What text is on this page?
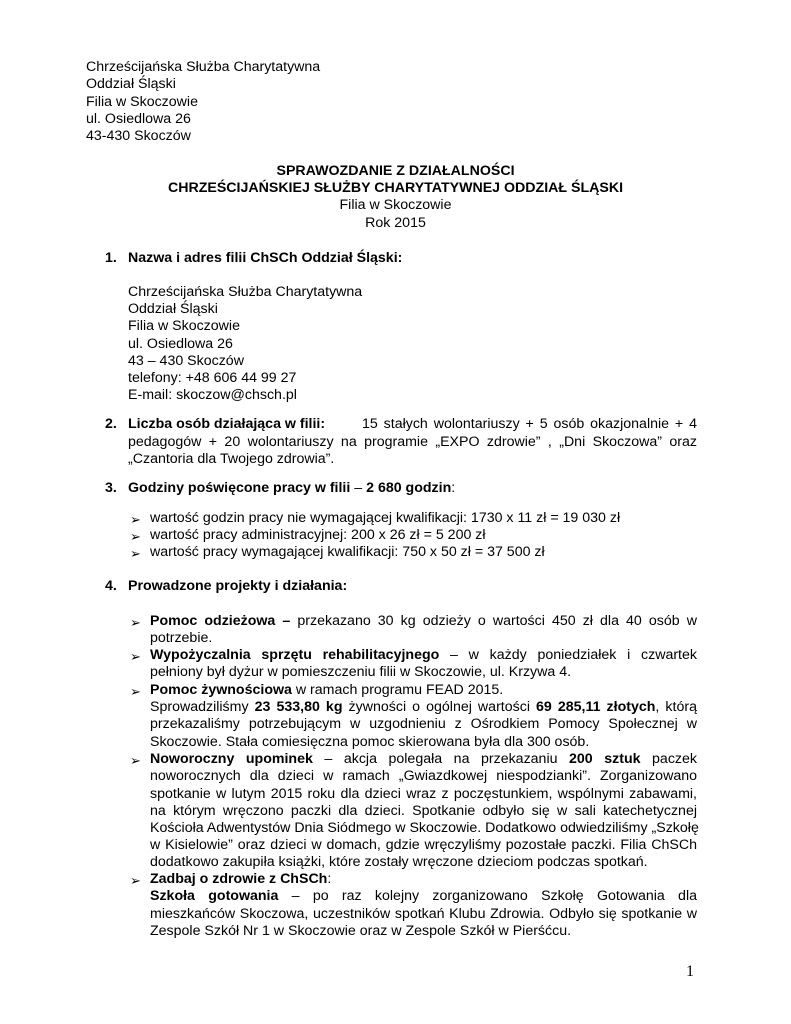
Chrześcijańska Służba Charytatywna
Oddział Śląski
Filia w Skoczowie
ul. Osiedlowa 26
43-430 Skoczów
SPRAWOZDANIE Z DZIAŁALNOŚCI
CHRZEŚCIJAŃSKIEJ SŁUŻBY CHARYTATYWNEJ ODDZIAŁ ŚLĄSKI
Filia w Skoczowie
Rok 2015
1. Nazwa i adres filii ChSCh Oddział Śląski:
Chrześcijańska Służba Charytatywna
Oddział Śląski
Filia w Skoczowie
ul. Osiedlowa 26
43 – 430 Skoczów
telefony: +48 606 44 99 27
E-mail: skoczow@chsch.pl
2. Liczba osób działająca w filii:	15 stałych wolontariuszy + 5 osób okazjonalnie + 4
pedagogów + 20 wolontariuszy na programie „EXPO zdrowie” , „Dni Skoczowa” oraz
„Czantoria dla Twojego zdrowia”.
3. Godziny poświęcone pracy w filii – 2 680 godzin:
➢ wartość godzin pracy nie wymagającej kwalifikacji: 1730 x 11 zł = 19 030 zł
➢ wartość pracy administracyjnej: 200 x 26 zł = 5 200 zł
➢ wartość pracy wymagającej kwalifikacji: 750 x 50 zł = 37 500 zł
4. Prowadzone projekty i działania:
➢ Pomoc odzieżowa – przekazano 30 kg odzieży o wartości 450 zł dla 40 osób w
potrzebie.
➢ Wypożyczalnia sprzętu rehabilitacyjnego – w każdy poniedziałek i czwartek
pełniony był dyżur w pomieszczeniu filii w Skoczowie, ul. Krzywa 4.
➢ Pomoc żywnościowa w ramach programu FEAD 2015.
Sprowadziliśmy 23 533,80 kg żywności o ogólnej wartości 69 285,11 złotych, którą
przekazaliśmy potrzebującym w uzgodnieniu z Ośrodkiem Pomocy Społecznej w
Skoczowie. Stała comiesięczna pomoc skierowana była dla 300 osób.
➢ Noworoczny upominek – akcja polegała na przekazaniu 200 sztuk paczek
noworocznych dla dzieci w ramach „Gwiazdkowej niespodzianki”. Zorganizowano
spotkanie w lutym 2015 roku dla dzieci wraz z poczęstunkiem, wspólnymi zabawami,
na którym wręczono paczki dla dzieci. Spotkanie odbyło się w sali katechetycznej
Kościoła Adwentystów Dnia Siódmego w Skoczowie. Dodatkowo odwiedziliśmy „Szkołę
w Kisielowie” oraz dzieci w domach, gdzie wręczyliśmy pozostałe paczki. Filia ChSCh
dodatkowo zakupiła książki, które zostały wręczone dzieciom podczas spotkań.
➢ Zadbaj o zdrowie z ChSCh:
Szkoła gotowania – po raz kolejny zorganizowano Szkołę Gotowania dla
mieszkańców Skoczowa, uczestników spotkań Klubu Zdrowia. Odbyło się spotkanie w
Zespole Szkół Nr 1 w Skoczowie oraz w Zespole Szkół w Pierśćcu.
1
